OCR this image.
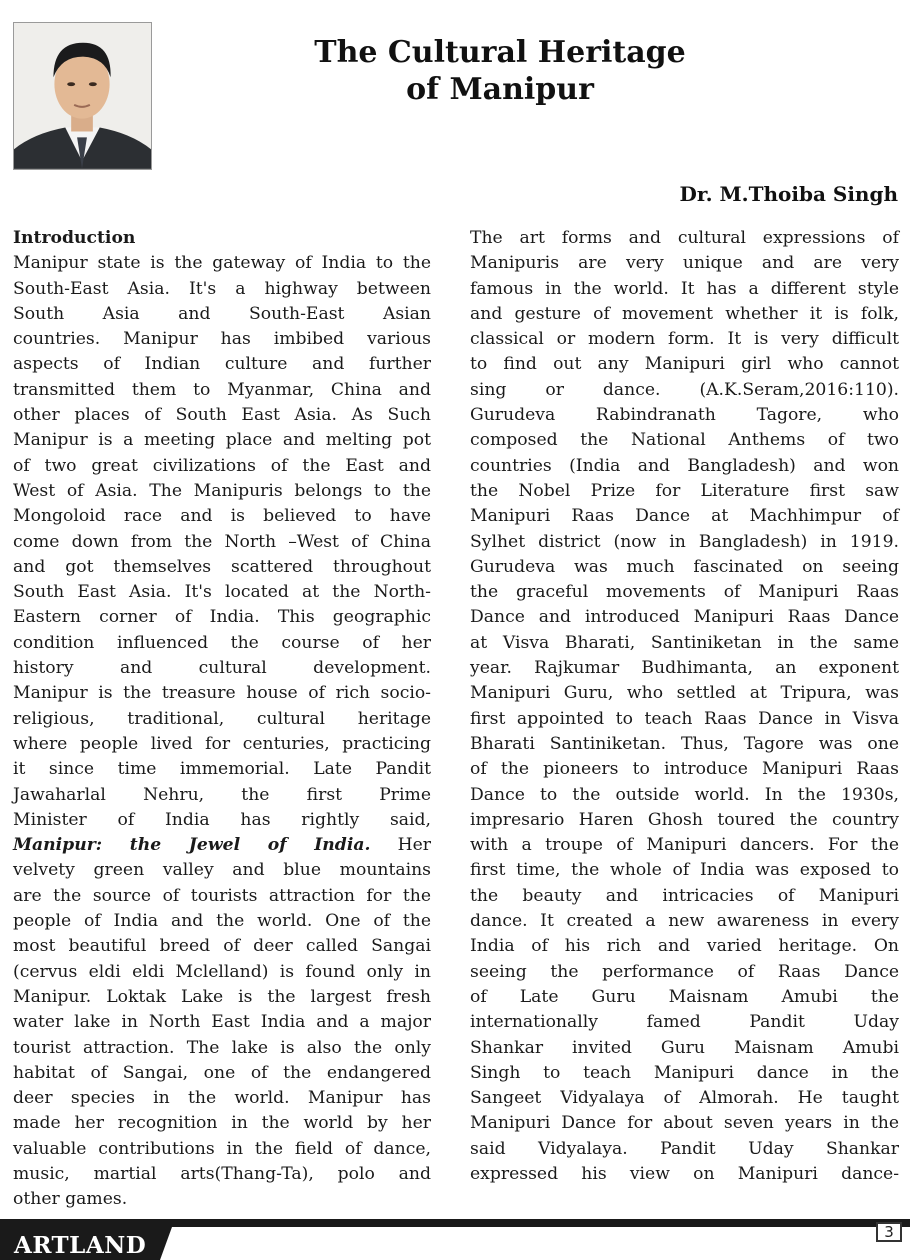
The Cultural Heritage
of Manipur
Dr. M.Thoiba Singh
Introduction
Manipur state is the gateway of India to the
South-East Asia. It's a highway between
South Asia and South-East Asian
countries. Manipur has imbibed various
aspects of Indian culture and further
transmitted them to Myanmar, China and
other places of South East Asia. As Such
Manipur is a meeting place and melting pot
of two great civilizations of the East and
West of Asia. The Manipuris belongs to the
Mongoloid race and is believed to have
come down from the North –West of China
and got themselves scattered throughout
South East Asia. It's located at the North-
Eastern corner of India. This geographic
condition influenced the course of her
history and cultural development.
Manipur is the treasure house of rich socio-
religious, traditional, cultural heritage
where people lived for centuries, practicing
it since time immemorial. Late Pandit
Jawaharlal Nehru, the first Prime
Minister of India has rightly said,
Manipur: the Jewel of India. Her
velvety green valley and blue mountains
are the source of tourists attraction for the
people of India and the world. One of the
most beautiful breed of deer called Sangai
(cervus eldi eldi Mclelland) is found only in
Manipur. Loktak Lake is the largest fresh
water lake in North East India and a major
tourist attraction. The lake is also the only
habitat of Sangai, one of the endangered
deer species in the world. Manipur has
made her recognition in the world by her
valuable contributions in the field of dance,
music, martial arts(Thang-Ta), polo and
other games.
The art forms and cultural expressions of
Manipuris are very unique and are very
famous in the world. It has a different style
and gesture of movement whether it is folk,
classical or modern form. It is very difficult
to find out any Manipuri girl who cannot
sing or dance. (A.K.Seram,2016:110).
Gurudeva Rabindranath Tagore, who
composed the National Anthems of two
countries (India and Bangladesh) and won
the Nobel Prize for Literature first saw
Manipuri Raas Dance at Machhimpur of
Sylhet district (now in Bangladesh) in 1919.
Gurudeva was much fascinated on seeing
the graceful movements of Manipuri Raas
Dance and introduced Manipuri Raas Dance
at Visva Bharati, Santiniketan in the same
year. Rajkumar Budhimanta, an exponent
Manipuri Guru, who settled at Tripura, was
first appointed to teach Raas Dance in Visva
Bharati Santiniketan. Thus, Tagore was one
of the pioneers to introduce Manipuri Raas
Dance to the outside world. In the 1930s,
impresario Haren Ghosh toured the country
with a troupe of Manipuri dancers. For the
first time, the whole of India was exposed to
the beauty and intricacies of Manipuri
dance. It created a new awareness in every
India of his rich and varied heritage. On
seeing the performance of Raas Dance
of Late Guru Maisnam Amubi the
internationally famed Pandit Uday
Shankar invited Guru Maisnam Amubi
Singh to teach Manipuri dance in the
Sangeet Vidyalaya of Almorah. He taught
Manipuri Dance for about seven years in the
said Vidyalaya. Pandit Uday Shankar
expressed his view on Manipuri dance-
ARTLAND	3
